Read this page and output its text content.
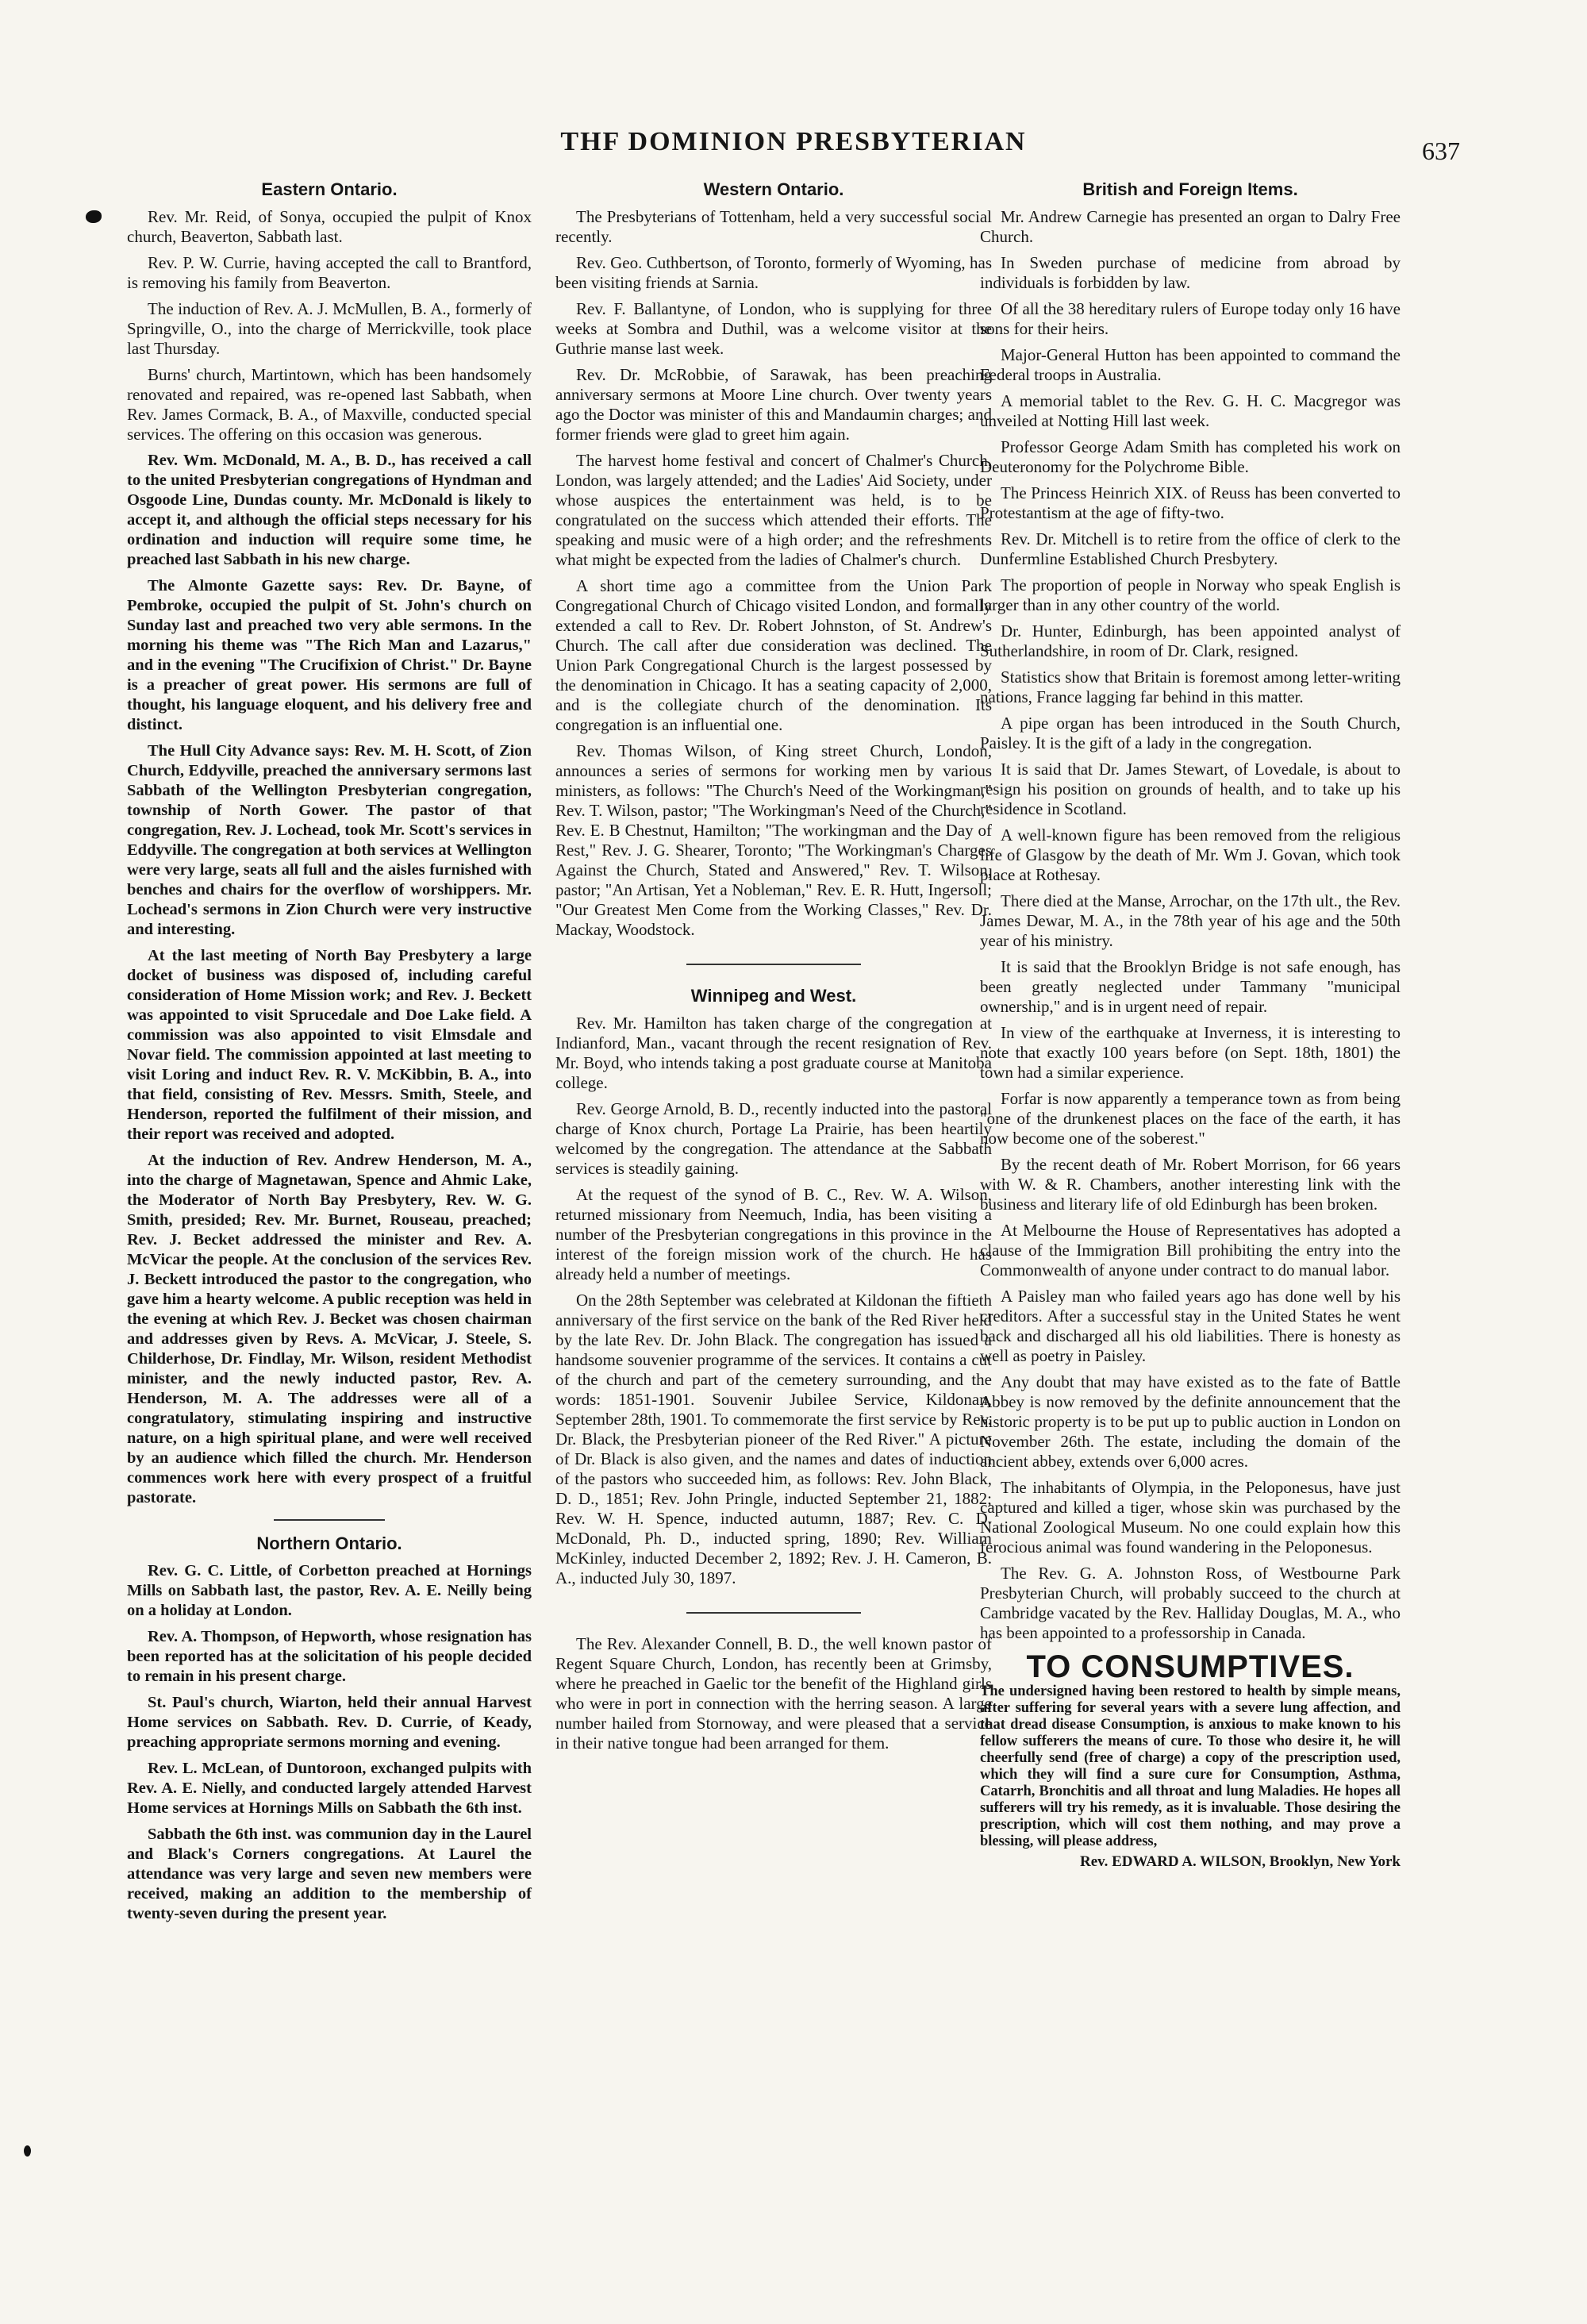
THF DOMINION PRESBYTERIAN	637
Eastern Ontario.

Rev. Mr. Reid, of Sonya, occupied the pulpit of Knox church, Beaverton, Sabbath last.

Rev. P. W. Currie, having accepted the call to Brantford, is removing his family from Beaverton.

The induction of Rev. A. J. McMullen, B. A., formerly of Springville, O., into the charge of Merrickville, took place last Thursday.

Burns' church, Martintown, which has been handsomely renovated and repaired, was re-opened last Sabbath, when Rev. James Cormack, B. A., of Maxville, conducted special services. The offering on this occasion was generous.

Rev. Wm. McDonald, M. A., B. D., has received a call to the united Presbyterian congregations of Hyndman and Osgoode Line, Dundas county. Mr. McDonald is likely to accept it, and although the official steps necessary for his ordination and induction will require some time, he preached last Sabbath in his new charge.

The Almonte Gazette says: Rev. Dr. Bayne, of Pembroke, occupied the pulpit of St. John's church on Sunday last and preached two very able sermons. In the morning his theme was "The Rich Man and Lazarus," and in the evening "The Crucifixion of Christ." Dr. Bayne is a preacher of great power. His sermons are full of thought, his language eloquent, and his delivery free and distinct.

The Hull City Advance says: Rev. M. H. Scott, of Zion Church, Eddyville, preached the anniversary sermons last Sabbath of the Wellington Presbyterian congregation, township of North Gower. The pastor of that congregation, Rev. J. Lochead, took Mr. Scott's services in Eddyville. The congregation at both services at Wellington were very large, seats all full and the aisles furnished with benches and chairs for the overflow of worshippers. Mr. Lochead's sermons in Zion Church were very instructive and interesting.

At the last meeting of North Bay Presbytery a large docket of business was disposed of, including careful consideration of Home Mission work; and Rev. J. Beckett was appointed to visit Sprucedale and Doe Lake field. A commission was also appointed to visit Elmsdale and Novar field. The commission appointed at last meeting to visit Loring and induct Rev. R. V. McKibbin, B. A., into that field, consisting of Rev. Messrs. Smith, Steele, and Henderson, reported the fulfilment of their mission, and their report was received and adopted.

At the induction of Rev. Andrew Henderson, M. A., into the charge of Magnetawan, Spence and Ahmic Lake, the Moderator of North Bay Presbytery, Rev. W. G. Smith, presided; Rev. Mr. Burnet, Rouseau, preached; Rev. J. Becket addressed the minister and Rev. A. McVicar the people. At the conclusion of the services Rev. J. Beckett introduced the pastor to the congregation, who gave him a hearty welcome. A public reception was held in the evening at which Rev. J. Becket was chosen chairman and addresses given by Revs. A. McVicar, J. Steele, S. Childerhose, Dr. Findlay, Mr. Wilson, resident Methodist minister, and the newly inducted pastor, Rev. A. Henderson, M. A. The addresses were all of a congratulatory, stimulating inspiring and instructive nature, on a high spiritual plane, and were well received by an audience which filled the church. Mr. Henderson commences work here with every prospect of a fruitful pastorate.

Northern Ontario.

Rev. G. C. Little, of Corbetton preached at Hornings Mills on Sabbath last, the pastor, Rev. A. E. Neilly being on a holiday at London.

Rev. A. Thompson, of Hepworth, whose resignation has been reported has at the solicitation of his people decided to remain in his present charge.

St. Paul's church, Wiarton, held their annual Harvest Home services on Sabbath. Rev. D. Currie, of Keady, preaching appropriate sermons morning and evening.

Rev. L. McLean, of Duntoroon, exchanged pulpits with Rev. A. E. Nielly, and conducted largely attended Harvest Home services at Hornings Mills on Sabbath the 6th inst.

Sabbath the 6th inst. was communion day in the Laurel and Black's Corners congregations. At Laurel the attendance was very large and seven new members were received, making an addition to the membership of twenty-seven during the present year.

Western Ontario.

The Presbyterians of Tottenham, held a very successful social recently.

Rev. Geo. Cuthbertson, of Toronto, formerly of Wyoming, has been visiting friends at Sarnia.

Rev. F. Ballantyne, of London, who is supplying for three weeks at Sombra and Duthil, was a welcome visitor at the Guthrie manse last week.

Rev. Dr. McRobbie, of Sarawak, has been preaching anniversary sermons at Moore Line church. Over twenty years ago the Doctor was minister of this and Mandaumin charges; and former friends were glad to greet him again.

The harvest home festival and concert of Chalmer's Church, London, was largely attended; and the Ladies' Aid Society, under whose auspices the entertainment was held, is to be congratulated on the success which attended their efforts. The speaking and music were of a high order; and the refreshments what might be expected from the ladies of Chalmer's church.

A short time ago a committee from the Union Park Congregational Church of Chicago visited London, and formally extended a call to Rev. Dr. Robert Johnston, of St. Andrew's Church. The call after due consideration was declined. The Union Park Congregational Church is the largest possessed by the denomination in Chicago. It has a seating capacity of 2,000, and is the collegiate church of the denomination. Its congregation is an influential one.

Rev. Thomas Wilson, of King street Church, London, announces a series of sermons for working men by various ministers, as follows: "The Church's Need of the Workingman," Rev. T. Wilson, pastor; "The Workingman's Need of the Church," Rev. E. B Chestnut, Hamilton; "The workingman and the Day of Rest," Rev. J. G. Shearer, Toronto; "The Workingman's Charges Against the Church, Stated and Answered," Rev. T. Wilson, pastor; "An Artisan, Yet a Nobleman," Rev. E. R. Hutt, Ingersoll; "Our Greatest Men Come from the Working Classes," Rev. Dr. Mackay, Woodstock.

Winnipeg and West.

Rev. Mr. Hamilton has taken charge of the congregation at Indianford, Man., vacant through the recent resignation of Rev. Mr. Boyd, who intends taking a post graduate course at Manitoba college.

Rev. George Arnold, B. D., recently inducted into the pastoral charge of Knox church, Portage La Prairie, has been heartily welcomed by the congregation. The attendance at the Sabbath services is steadily gaining.

At the request of the synod of B. C., Rev. W. A. Wilson, returned missionary from Neemuch, India, has been visiting a number of the Presbyterian congregations in this province in the interest of the foreign mission work of the church. He has already held a number of meetings.

On the 28th September was celebrated at Kildonan the fiftieth anniversary of the first service on the bank of the Red River held by the late Rev. Dr. John Black. The congregation has issued a handsome souvenier programme of the services. It contains a cut of the church and part of the cemetery surrounding, and the words: 1851-1901. Souvenir Jubilee Service, Kildonan, September 28th, 1901. To commemorate the first service by Rev. Dr. Black, the Presbyterian pioneer of the Red River." A picture of Dr. Black is also given, and the names and dates of induction of the pastors who succeeded him, as follows: Rev. John Black, D. D., 1851; Rev. John Pringle, inducted September 21, 1882; Rev. W. H. Spence, inducted autumn, 1887; Rev. C. D. McDonald, Ph. D., inducted spring, 1890; Rev. William McKinley, inducted December 2, 1892; Rev. J. H. Cameron, B. A., inducted July 30, 1897.

The Rev. Alexander Connell, B. D., the well known pastor of Regent Square Church, London, has recently been at Grimsby, where he preached in Gaelic tor the benefit of the Highland girls who were in port in connection with the herring season. A large number hailed from Stornoway, and were pleased that a service in their native tongue had been arranged for them.

British and Foreign Items.

Mr. Andrew Carnegie has presented an organ to Dalry Free Church.

In Sweden purchase of medicine from abroad by individuals is forbidden by law.

Of all the 38 hereditary rulers of Europe today only 16 have sons for their heirs.

Major-General Hutton has been appointed to command the Federal troops in Australia.

A memorial tablet to the Rev. G. H. C. Macgregor was unveiled at Notting Hill last week.

Professor George Adam Smith has completed his work on Deuteronomy for the Polychrome Bible.

The Princess Heinrich XIX. of Reuss has been converted to Protestantism at the age of fifty-two.

Rev. Dr. Mitchell is to retire from the office of clerk to the Dunfermline Established Church Presbytery.

The proportion of people in Norway who speak English is larger than in any other country of the world.

Dr. Hunter, Edinburgh, has been appointed analyst of Sutherlandshire, in room of Dr. Clark, resigned.

Statistics show that Britain is foremost among letter-writing nations, France lagging far behind in this matter.

A pipe organ has been introduced in the South Church, Paisley. It is the gift of a lady in the congregation.

It is said that Dr. James Stewart, of Lovedale, is about to resign his position on grounds of health, and to take up his residence in Scotland.

A well-known figure has been removed from the religious life of Glasgow by the death of Mr. Wm J. Govan, which took place at Rothesay.

There died at the Manse, Arrochar, on the 17th ult., the Rev. James Dewar, M. A., in the 78th year of his age and the 50th year of his ministry.

It is said that the Brooklyn Bridge is not safe enough, has been greatly neglected under Tammany "municipal ownership," and is in urgent need of repair.

In view of the earthquake at Inverness, it is interesting to note that exactly 100 years before (on Sept. 18th, 1801) the town had a similar experience.

Forfar is now apparently a temperance town as from being "one of the drunkenest places on the face of the earth, it has now become one of the soberest."

By the recent death of Mr. Robert Morrison, for 66 years with W. & R. Chambers, another interesting link with the business and literary life of old Edinburgh has been broken.

At Melbourne the House of Representatives has adopted a clause of the Immigration Bill prohibiting the entry into the Commonwealth of anyone under contract to do manual labor.

A Paisley man who failed years ago has done well by his creditors. After a successful stay in the United States he went back and discharged all his old liabilities. There is honesty as well as poetry in Paisley.

Any doubt that may have existed as to the fate of Battle Abbey is now removed by the definite announcement that the historic property is to be put up to public auction in London on November 26th. The estate, including the domain of the ancient abbey, extends over 6,000 acres.

The inhabitants of Olympia, in the Peloponesus, have just captured and killed a tiger, whose skin was purchased by the National Zoological Museum. No one could explain how this ferocious animal was found wandering in the Peloponesus.

The Rev. G. A. Johnston Ross, of Westbourne Park Presbyterian Church, will probably succeed to the church at Cambridge vacated by the Rev. Halliday Douglas, M. A., who has been appointed to a professorship in Canada.

TO CONSUMPTIVES.
The undersigned having been restored to health by simple means, after suffering for several years with a severe lung affection, and that dread disease Consumption, is anxious to make known to his fellow sufferers the means of cure. To those who desire it, he will cheerfully send (free of charge) a copy of the prescription used, which they will find a sure cure for Consumption, Asthma, Catarrh, Bronchitis and all throat and lung Maladies. He hopes all sufferers will try his remedy, as it is invaluable. Those desiring the prescription, which will cost them nothing, and may prove a blessing, will please address,
Rev. EDWARD A. WILSON, Brooklyn, New York
